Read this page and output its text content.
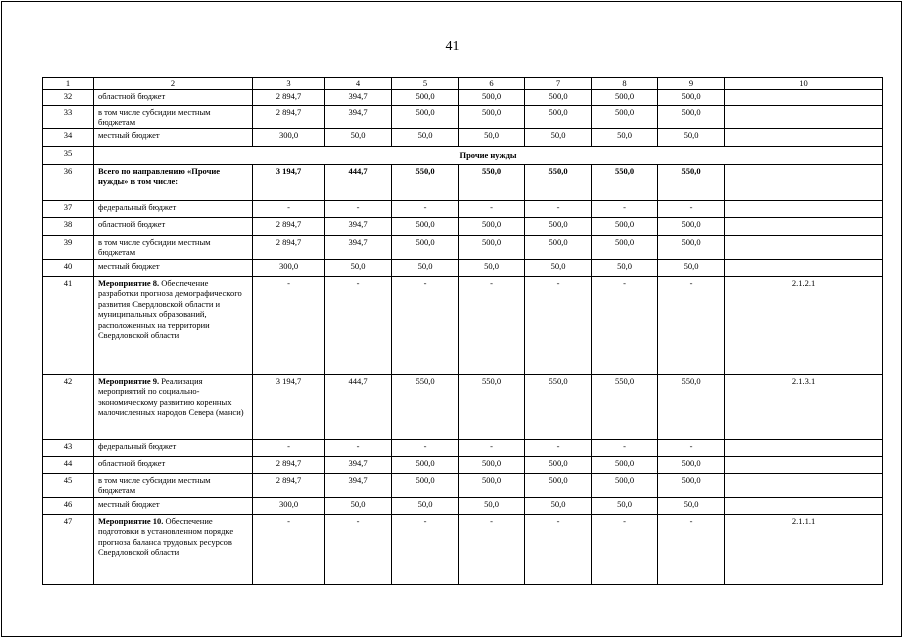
41
1	2	3	4	5	6	7	8	9	10
32	областной бюджет	2 894,7	394,7	500,0	500,0	500,0	500,0	500,0	
33	в том числе субсидии местным бюджетам	2 894,7	394,7	500,0	500,0	500,0	500,0	500,0	
34	местный бюджет	300,0	50,0	50,0	50,0	50,0	50,0	50,0	
35	Прочие нужды								
36	Всего по направлению «Прочие нужды» в том числе:	3 194,7	444,7	550,0	550,0	550,0	550,0	550,0	
37	федеральный бюджет	-	-	-	-	-	-	-	
38	областной бюджет	2 894,7	394,7	500,0	500,0	500,0	500,0	500,0	
39	в том числе субсидии местным бюджетам	2 894,7	394,7	500,0	500,0	500,0	500,0	500,0	
40	местный бюджет	300,0	50,0	50,0	50,0	50,0	50,0	50,0	
41	Мероприятие 8. Обеспечение разработки прогноза демографического развития Свердловской области и муниципальных образований, расположенных на территории Свердловской области	-	-	-	-	-	-	-	2.1.2.1
42	Мероприятие 9. Реализация мероприятий по социально-экономическому развитию коренных малочисленных народов Севера (манси)	3 194,7	444,7	550,0	550,0	550,0	550,0	550,0	2.1.3.1
43	федеральный бюджет	-	-	-	-	-	-	-	
44	областной бюджет	2 894,7	394,7	500,0	500,0	500,0	500,0	500,0	
45	в том числе субсидии местным бюджетам	2 894,7	394,7	500,0	500,0	500,0	500,0	500,0	
46	местный бюджет	300,0	50,0	50,0	50,0	50,0	50,0	50,0	
47	Мероприятие 10. Обеспечение подготовки в установленном порядке прогноза баланса трудовых ресурсов Свердловской области	-	-	-	-	-	-	-	2.1.1.1
